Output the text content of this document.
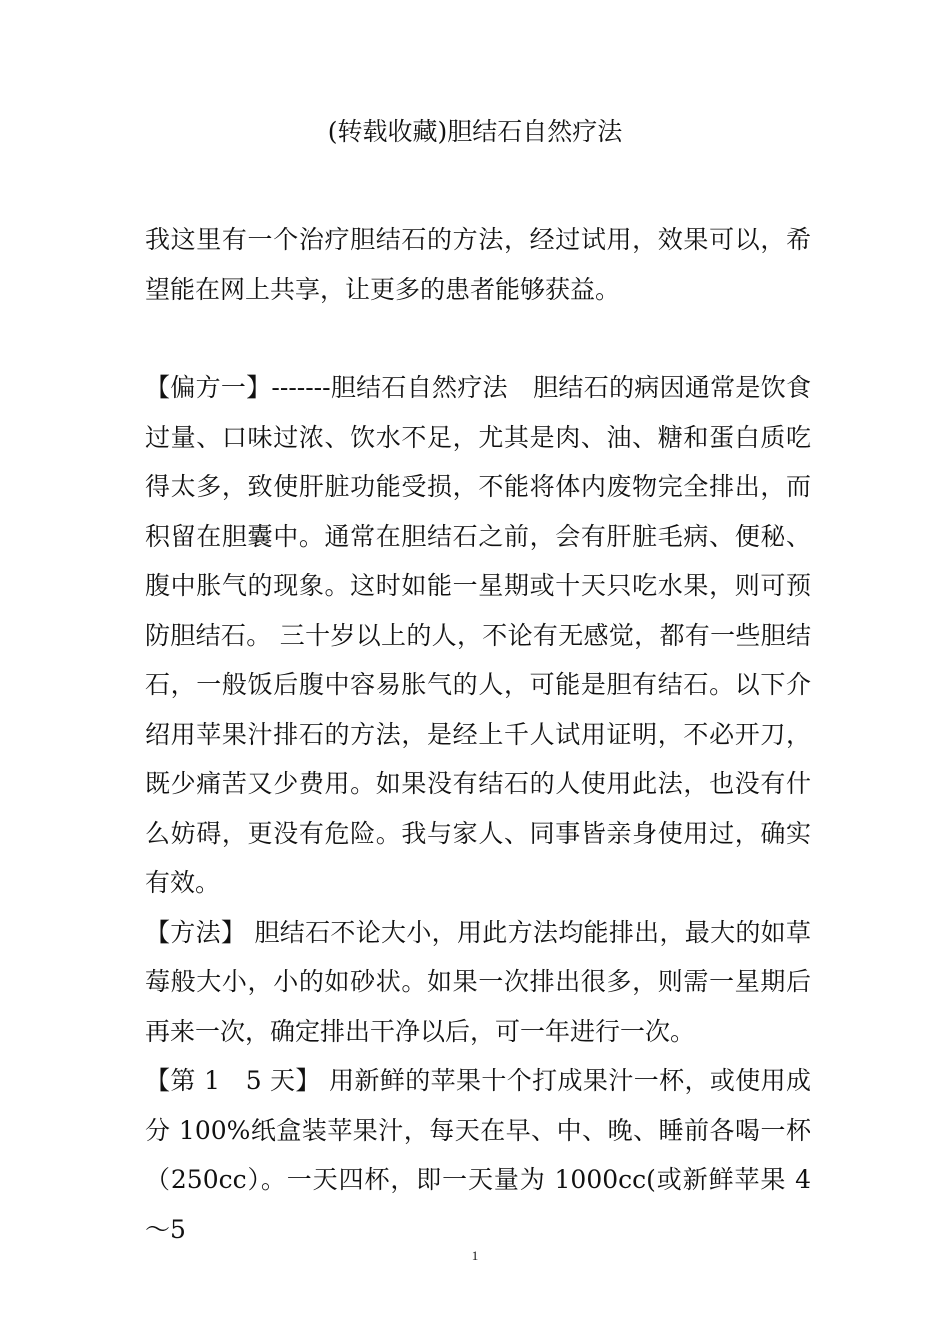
(转载收藏)胆结石自然疗法

我这里有一个治疗胆结石的方法，经过试用，效果可以，希望能在网上共享，让更多的患者能够获益。

【偏方一】-------胆结石自然疗法　胆结石的病因通常是饮食过量、口味过浓、饮水不足，尤其是肉、油、糖和蛋白质吃得太多，致使肝脏功能受损，不能将体内废物完全排出，而积留在胆囊中。通常在胆结石之前，会有肝脏毛病、便秘、腹中胀气的现象。这时如能一星期或十天只吃水果，则可预防胆结石。 三十岁以上的人，不论有无感觉，都有一些胆结石，一般饭后腹中容易胀气的人，可能是胆有结石。以下介绍用苹果汁排石的方法，是经上千人试用证明，不必开刀，既少痛苦又少费用。如果没有结石的人使用此法，也没有什么妨碍，更没有危险。我与家人、同事皆亲身使用过，确实有效。

【方法】 胆结石不论大小，用此方法均能排出，最大的如草莓般大小，小的如砂状。如果一次排出很多，则需一星期后再来一次，确定排出干净以后，可一年进行一次。

【第 1　5 天】 用新鲜的苹果十个打成果汁一杯，或使用成分 100%纸盒装苹果汁，每天在早、中、晚、睡前各喝一杯（250cc）。一天四杯，即一天量为 1000cc(或新鲜苹果 4～5

1
